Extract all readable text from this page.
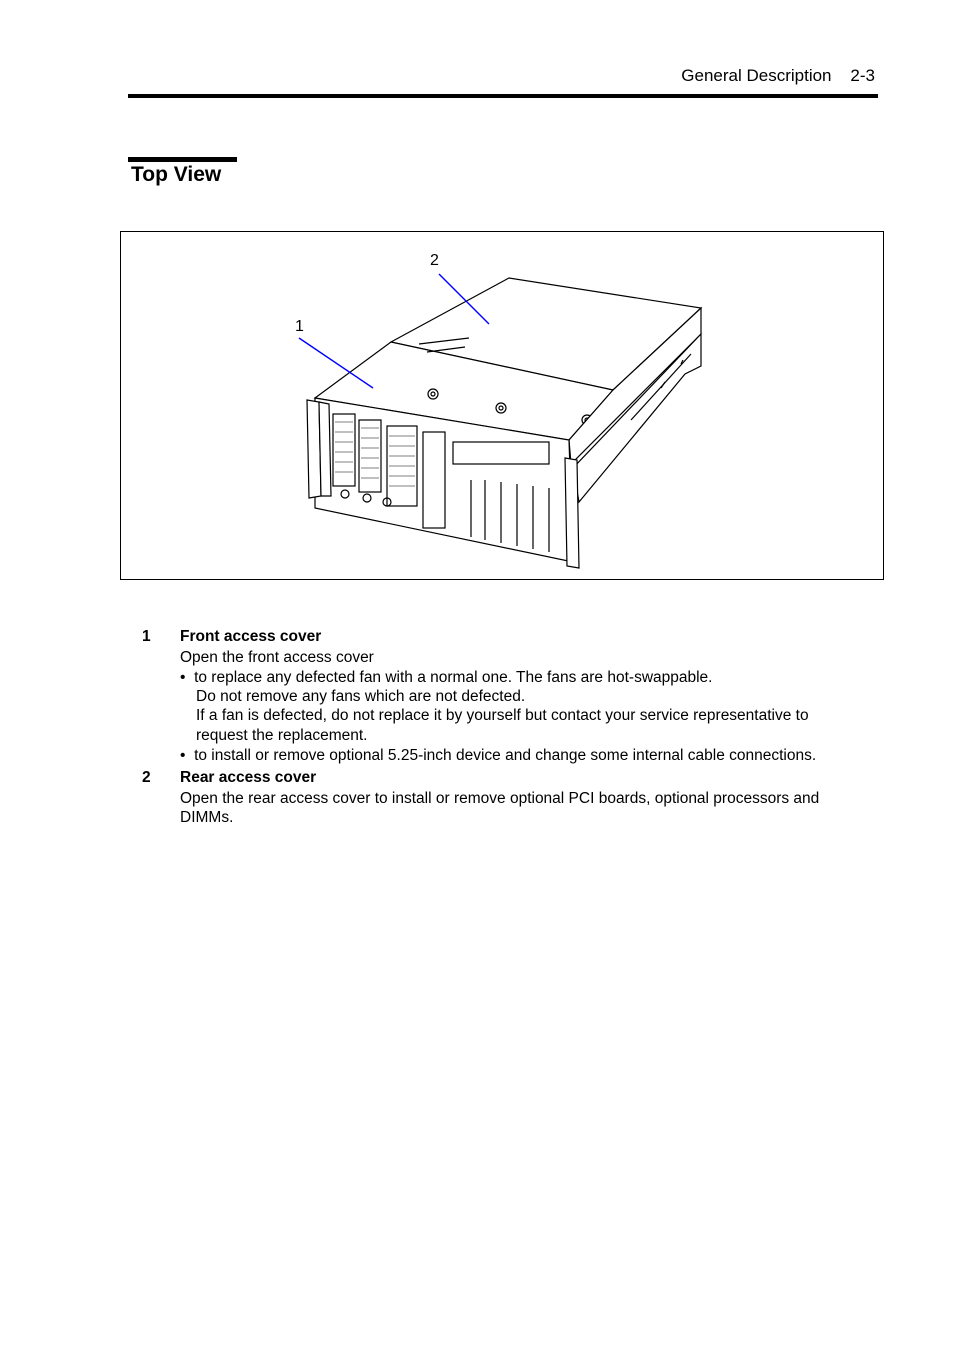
General Description 2-3
Top View
1
2
1 Front access cover
Open the front access cover
• to replace any defected fan with a normal one. The fans are hot-swappable.
Do not remove any fans which are not defected.
If a fan is defected, do not replace it by yourself but contact your service representative to
request the replacement.
• to install or remove optional 5.25-inch device and change some internal cable connections.
2 Rear access cover
Open the rear access cover to install or remove optional PCI boards, optional processors and
DIMMs.
